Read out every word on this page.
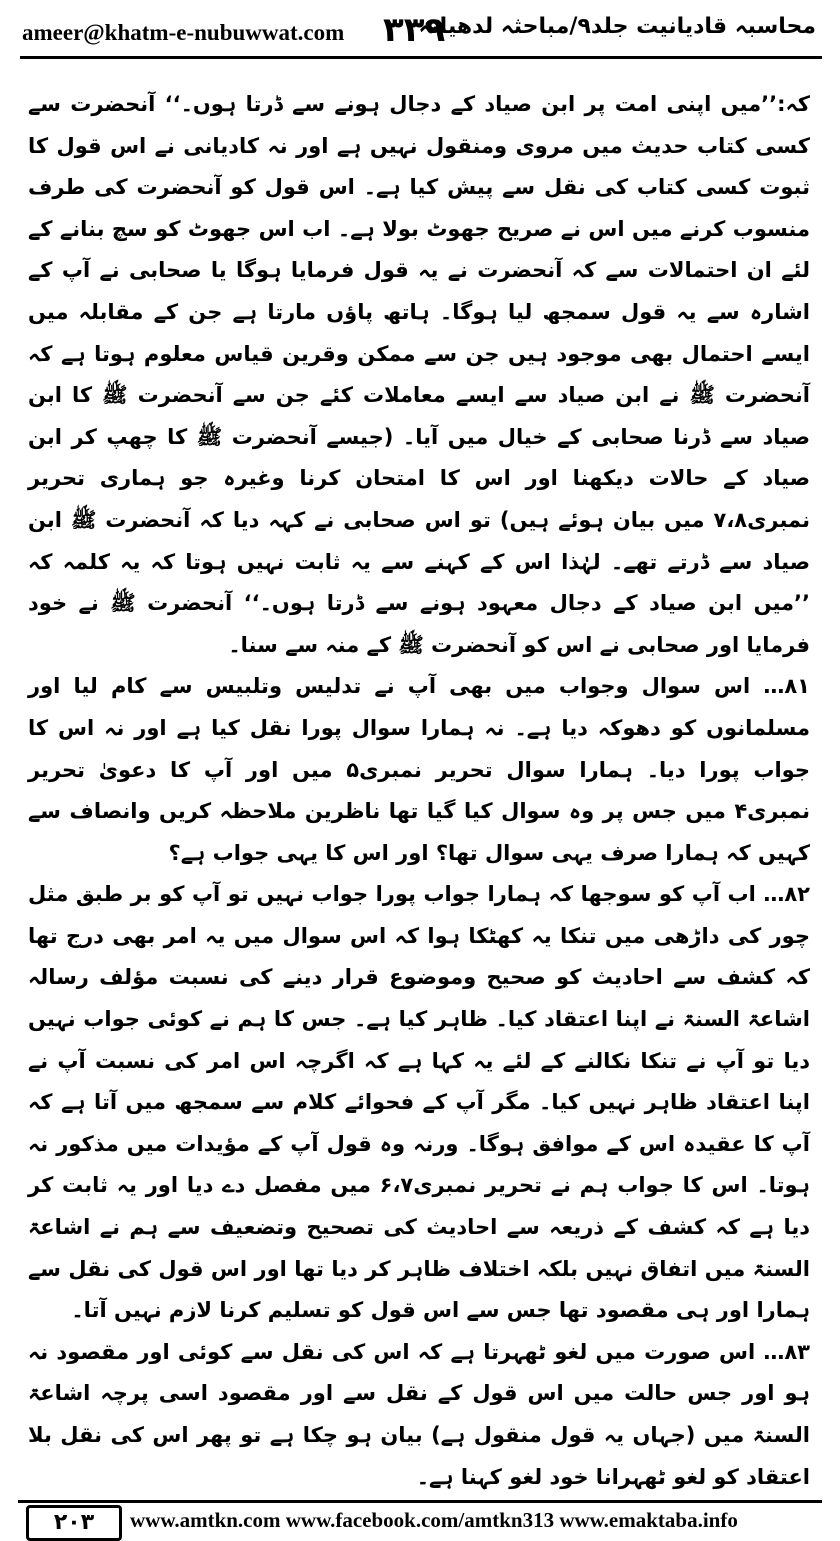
ameer@khatm-e-nubuwwat.com ۳۳۹
محاسبہ قادیانیت جلد۹/مباحثہ لدھیانہ

کہ:’’میں اپنی امت پر ابن صیاد کے دجال ہونے سے ڈرتا ہوں۔‘‘ آنحضرت سے کسی کتاب حدیث میں مروی ومنقول نہیں ہے اور نہ کادیانی نے اس قول کا ثبوت کسی کتاب کی نقل سے پیش کیا ہے۔ اس قول کو آنحضرت کی طرف منسوب کرنے میں اس نے صریح جھوٹ بولا ہے۔ اب اس جھوٹ کو سچ بنانے کے لئے ان احتمالات سے کہ آنحضرت نے یہ قول فرمایا ہوگا یا صحابی نے آپ کے اشارہ سے یہ قول سمجھ لیا ہوگا۔ ہاتھ پاؤں مارتا ہے جن کے مقابلہ میں ایسے احتمال بھی موجود ہیں جن سے ممکن وقرین قیاس معلوم ہوتا ہے کہ آنحضرت ﷺ نے ابن صیاد سے ایسے معاملات کئے جن سے آنحضرت ﷺ کا ابن صیاد سے ڈرنا صحابی کے خیال میں آیا۔ (جیسے آنحضرت ﷺ کا چھپ کر ابن صیاد کے حالات دیکھنا اور اس کا امتحان کرنا وغیرہ جو ہماری تحریر نمبری۷،۸ میں بیان ہوئے ہیں) تو اس صحابی نے کہہ دیا کہ آنحضرت ﷺ ابن صیاد سے ڈرتے تھے۔ لہٰذا اس کے کہنے سے یہ ثابت نہیں ہوتا کہ یہ کلمہ کہ ’’میں ابن صیاد کے دجال معہود ہونے سے ڈرتا ہوں۔‘‘ آنحضرت ﷺ نے خود فرمایا اور صحابی نے اس کو آنحضرت ﷺ کے منہ سے سنا۔

۸۱… اس سوال وجواب میں بھی آپ نے تدلیس وتلبیس سے کام لیا اور مسلمانوں کو دھوکہ دیا ہے۔ نہ ہمارا سوال پورا نقل کیا ہے اور نہ اس کا جواب پورا دیا۔ ہمارا سوال تحریر نمبری۵ میں اور آپ کا دعویٰ تحریر نمبری۴ میں جس پر وہ سوال کیا گیا تھا ناظرین ملاحظہ کریں وانصاف سے کہیں کہ ہمارا صرف یہی سوال تھا؟ اور اس کا یہی جواب ہے؟

۸۲… اب آپ کو سوجھا کہ ہمارا جواب پورا جواب نہیں تو آپ کو بر طبق مثل چور کی داڑھی میں تنکا یہ کھٹکا ہوا کہ اس سوال میں یہ امر بھی درج تھا کہ کشف سے احادیث کو صحیح وموضوع قرار دینے کی نسبت مؤلف رسالہ اشاعۃ السنۃ نے اپنا اعتقاد کیا۔ ظاہر کیا ہے۔ جس کا ہم نے کوئی جواب نہیں دیا تو آپ نے تنکا نکالنے کے لئے یہ کہا ہے کہ اگرچہ اس امر کی نسبت آپ نے اپنا اعتقاد ظاہر نہیں کیا۔ مگر آپ کے فحوائے کلام سے سمجھ میں آتا ہے کہ آپ کا عقیدہ اس کے موافق ہوگا۔ ورنہ وہ قول آپ کے مؤیدات میں مذکور نہ ہوتا۔ اس کا جواب ہم نے تحریر نمبری۶،۷ میں مفصل دے دیا اور یہ ثابت کر دیا ہے کہ کشف کے ذریعہ سے احادیث کی تصحیح وتضعیف سے ہم نے اشاعۃ السنۃ میں اتفاق نہیں بلکہ اختلاف ظاہر کر دیا تھا اور اس قول کی نقل سے ہمارا اور ہی مقصود تھا جس سے اس قول کو تسلیم کرنا لازم نہیں آتا۔

۸۳… اس صورت میں لغو ٹھہرتا ہے کہ اس کی نقل سے کوئی اور مقصود نہ ہو اور جس حالت میں اس قول کے نقل سے اور مقصود اسی پرچہ اشاعۃ السنۃ میں (جہاں یہ قول منقول ہے) بیان ہو چکا ہے تو پھر اس کی نقل بلا اعتقاد کو لغو ٹھہرانا خود لغو کہنا ہے۔

۲۰۳	www.amtkn.com www.facebook.com/amtkn313 www.emaktaba.info
